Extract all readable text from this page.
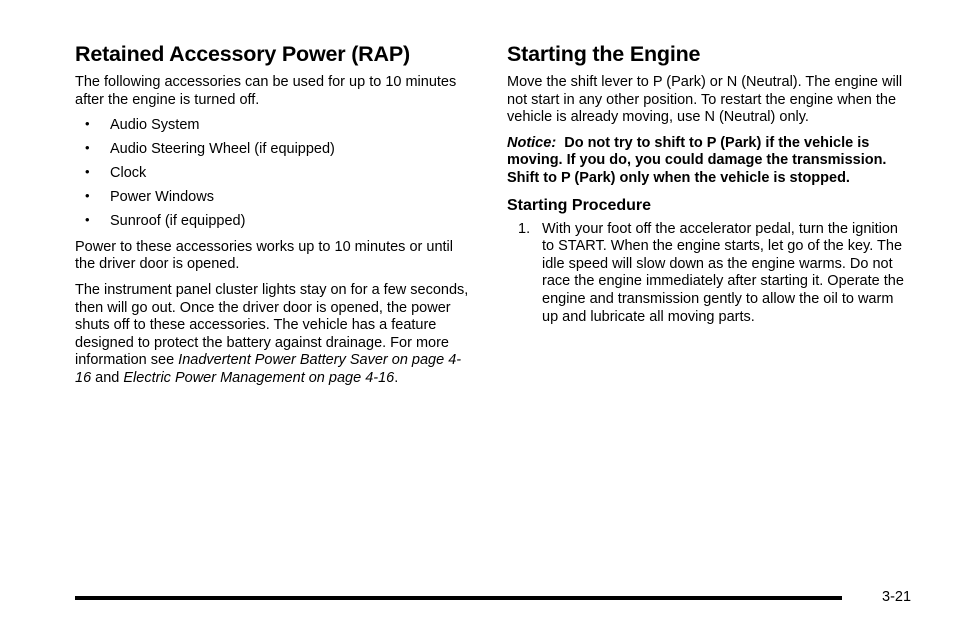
Retained Accessory Power (RAP)

The following accessories can be used for up to 10 minutes after the engine is turned off.

• Audio System
• Audio Steering Wheel (if equipped)
• Clock
• Power Windows
• Sunroof (if equipped)

Power to these accessories works up to 10 minutes or until the driver door is opened.

The instrument panel cluster lights stay on for a few seconds, then will go out. Once the driver door is opened, the power shuts off to these accessories. The vehicle has a feature designed to protect the battery against drainage. For more information see Inadvertent Power Battery Saver on page 4-16 and Electric Power Management on page 4-16.

Starting the Engine

Move the shift lever to P (Park) or N (Neutral). The engine will not start in any other position. To restart the engine when the vehicle is already moving, use N (Neutral) only.

Notice: Do not try to shift to P (Park) if the vehicle is moving. If you do, you could damage the transmission. Shift to P (Park) only when the vehicle is stopped.

Starting Procedure
1. With your foot off the accelerator pedal, turn the ignition to START. When the engine starts, let go of the key. The idle speed will slow down as the engine warms. Do not race the engine immediately after starting it. Operate the engine and transmission gently to allow the oil to warm up and lubricate all moving parts.
3-21
